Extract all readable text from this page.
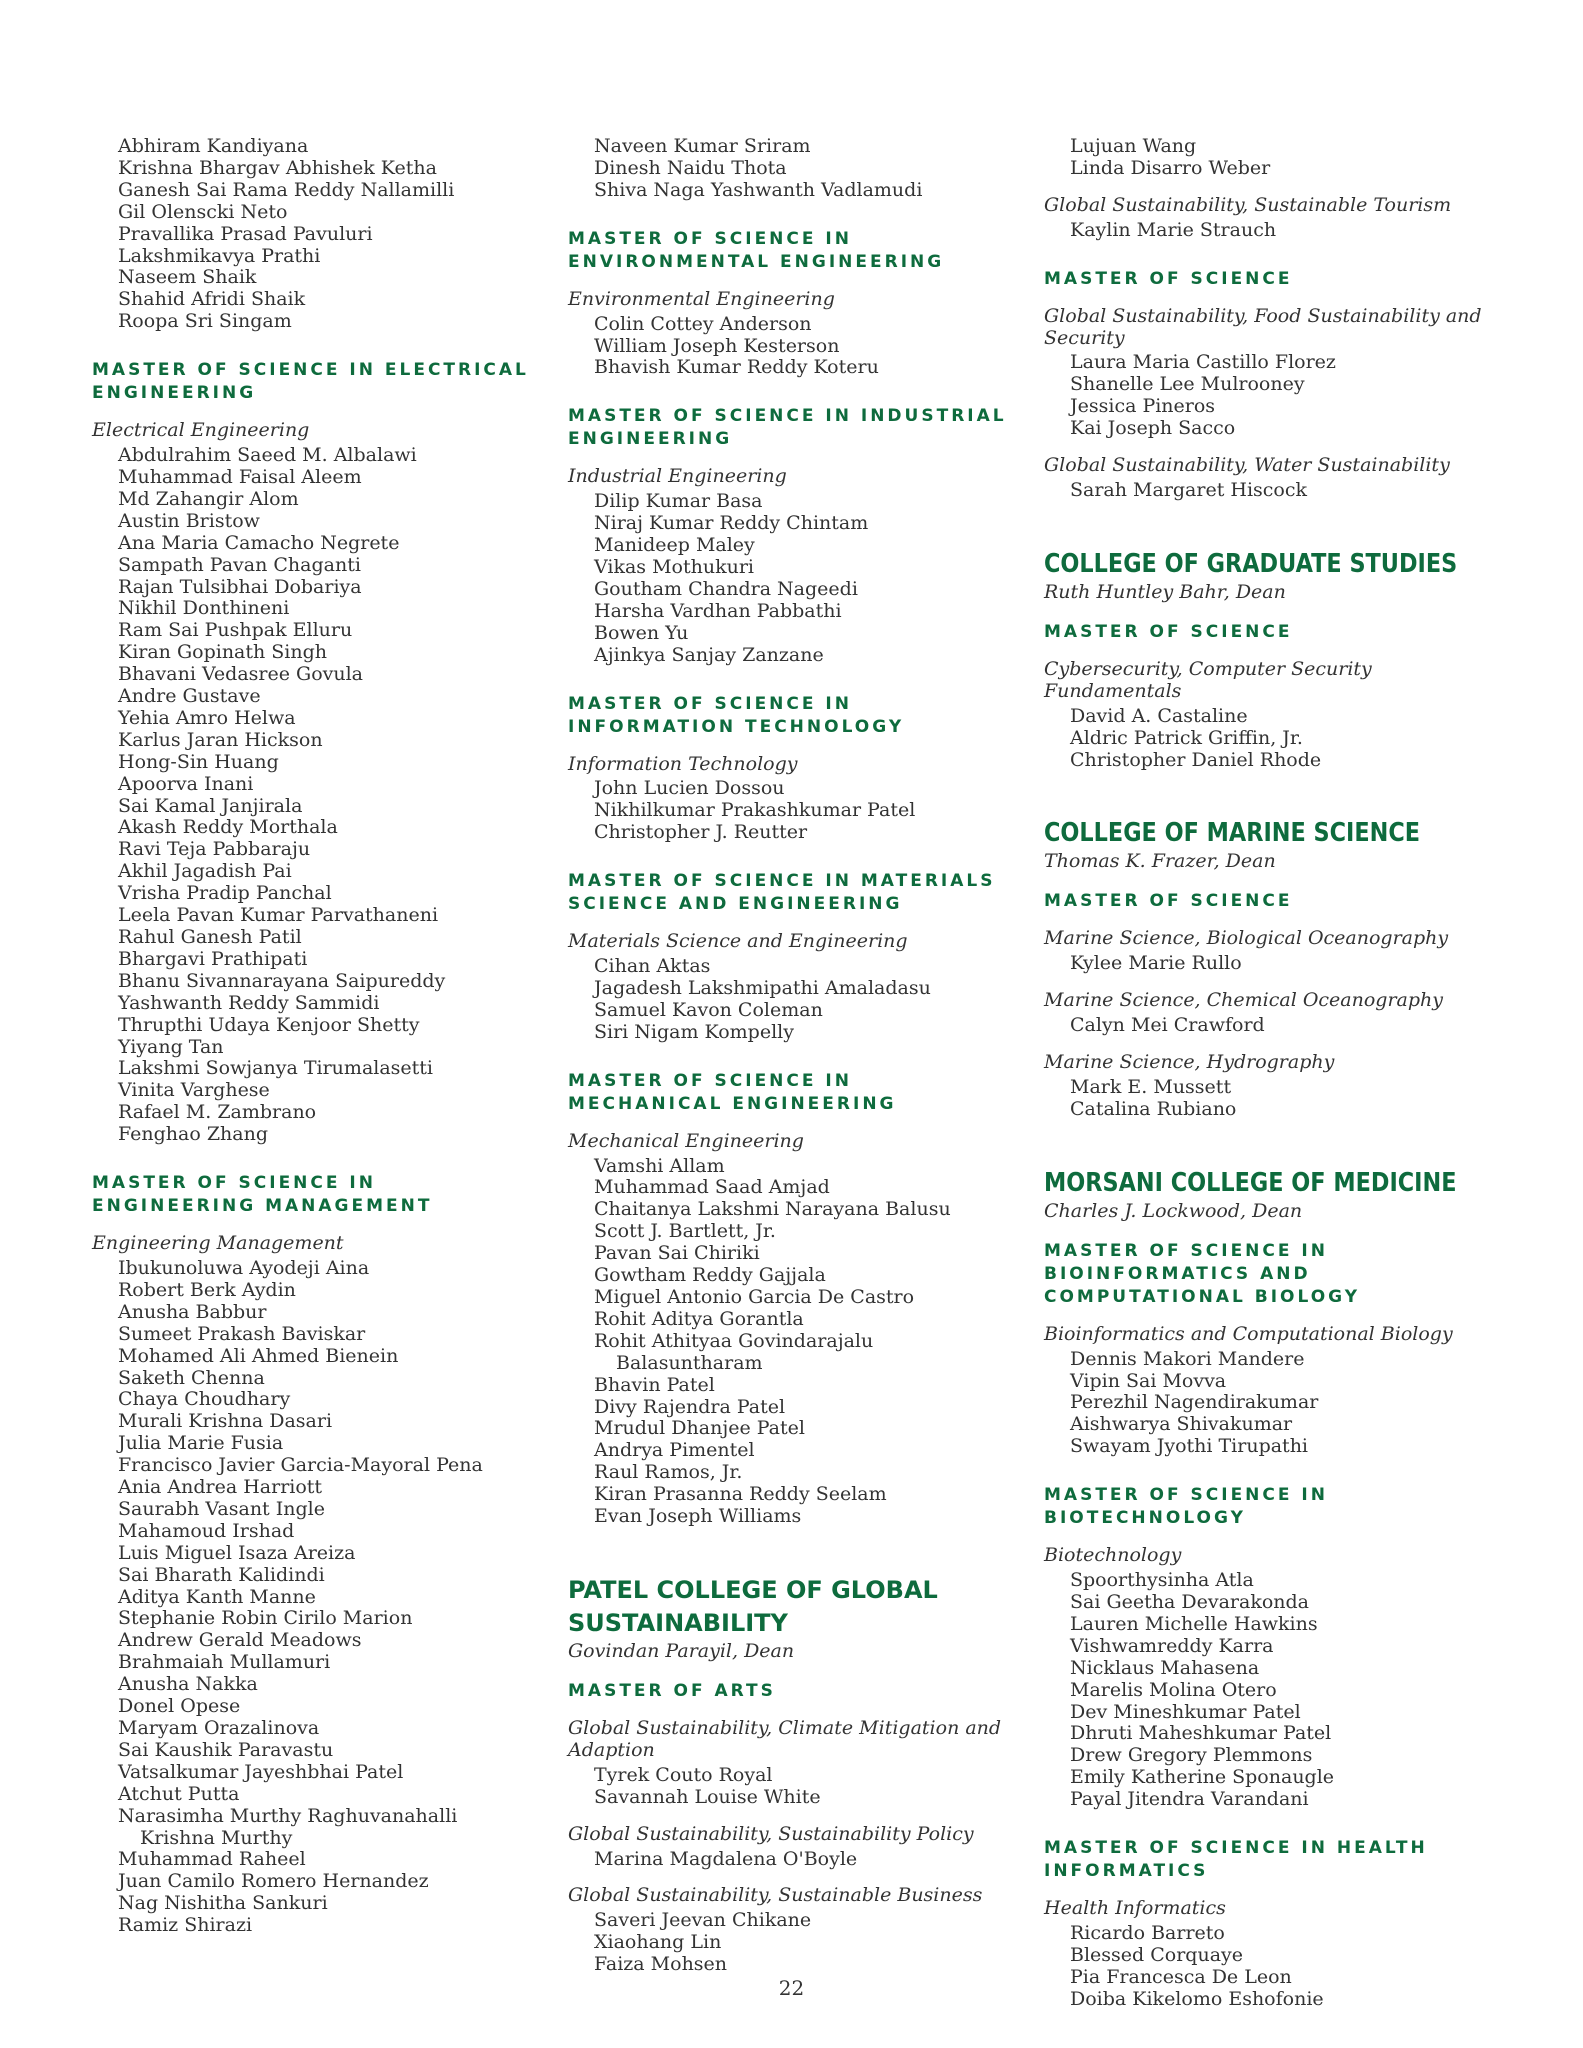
Abhiram Kandiyana
Krishna Bhargav Abhishek Ketha
Ganesh Sai Rama Reddy Nallamilli
Gil Olenscki Neto
Pravallika Prasad Pavuluri
Lakshmikavya Prathi
Naseem Shaik
Shahid Afridi Shaik
Roopa Sri Singam
MASTER OF SCIENCE IN ELECTRICAL ENGINEERING

Electrical Engineering

Abdulrahim Saeed M. Albalawi
Muhammad Faisal Aleem
Md Zahangir Alom
Austin Bristow
Ana Maria Camacho Negrete
Sampath Pavan Chaganti
Rajan Tulsibhai Dobariya
Nikhil Donthineni
Ram Sai Pushpak Elluru
Kiran Gopinath Singh
Bhavani Vedasree Govula
Andre Gustave
Yehia Amro Helwa
Karlus Jaran Hickson
Hong-Sin Huang
Apoorva Inani
Sai Kamal Janjirala
Akash Reddy Morthala
Ravi Teja Pabbaraju
Akhil Jagadish Pai
Vrisha Pradip Panchal
Leela Pavan Kumar Parvathaneni
Rahul Ganesh Patil
Bhargavi Prathipati
Bhanu Sivannarayana Saipureddy
Yashwanth Reddy Sammidi
Thrupthi Udaya Kenjoor Shetty
Yiyang Tan
Lakshmi Sowjanya Tirumalasetti
Vinita Varghese
Rafael M. Zambrano
Fenghao Zhang
MASTER OF SCIENCE IN ENGINEERING MANAGEMENT

Engineering Management

Ibukunoluwa Ayodeji Aina
Robert Berk Aydin
Anusha Babbur
Sumeet Prakash Baviskar
Mohamed Ali Ahmed Bienein
Saketh Chenna
Chaya Choudhary
Murali Krishna Dasari
Julia Marie Fusia
Francisco Javier Garcia-Mayoral Pena
Ania Andrea Harriott
Saurabh Vasant Ingle
Mahamoud Irshad
Luis Miguel Isaza Areiza
Sai Bharath Kalidindi
Aditya Kanth Manne
Stephanie Robin Cirilo Marion
Andrew Gerald Meadows
Brahmaiah Mullamuri
Anusha Nakka
Donel Opese
Maryam Orazalinova
Sai Kaushik Paravastu
Vatsalkumar Jayeshbhai Patel
Atchut Putta
Narasimha Murthy Raghuvanahalli Krishna Murthy
Muhammad Raheel
Juan Camilo Romero Hernandez
Nag Nishitha Sankuri
Ramiz Shirazi
Naveen Kumar Sriram
Dinesh Naidu Thota
Shiva Naga Yashwanth Vadlamudi
MASTER OF SCIENCE IN ENVIRONMENTAL ENGINEERING

Environmental Engineering

Colin Cottey Anderson
William Joseph Kesterson
Bhavish Kumar Reddy Koteru
MASTER OF SCIENCE IN INDUSTRIAL ENGINEERING

Industrial Engineering

Dilip Kumar Basa
Niraj Kumar Reddy Chintam
Manideep Maley
Vikas Mothukuri
Goutham Chandra Nageedi
Harsha Vardhan Pabbathi
Bowen Yu
Ajinkya Sanjay Zanzane
MASTER OF SCIENCE IN INFORMATION TECHNOLOGY

Information Technology

John Lucien Dossou
Nikhilkumar Prakashkumar Patel
Christopher J. Reutter
MASTER OF SCIENCE IN MATERIALS SCIENCE AND ENGINEERING

Materials Science and Engineering

Cihan Aktas
Jagadesh Lakshmipathi Amaladasu
Samuel Kavon Coleman
Siri Nigam Kompelly
MASTER OF SCIENCE IN MECHANICAL ENGINEERING

Mechanical Engineering

Vamshi Allam
Muhammad Saad Amjad
Chaitanya Lakshmi Narayana Balusu
Scott J. Bartlett, Jr.
Pavan Sai Chiriki
Gowtham Reddy Gajjala
Miguel Antonio Garcia De Castro
Rohit Aditya Gorantla
Rohit Athityaa Govindarajalu Balasuntharam
Bhavin Patel
Divy Rajendra Patel
Mrudul Dhanjee Patel
Andrya Pimentel
Raul Ramos, Jr.
Kiran Prasanna Reddy Seelam
Evan Joseph Williams
PATEL COLLEGE OF GLOBAL SUSTAINABILITY

Govindan Parayil, Dean

MASTER OF ARTS

Global Sustainability, Climate Mitigation and Adaption

Tyrek Couto Royal
Savannah Louise White

Global Sustainability, Sustainability Policy

Marina Magdalena O'Boyle

Global Sustainability, Sustainable Business

Saveri Jeevan Chikane
Xiaohang Lin
Faiza Mohsen
Lujuan Wang
Linda Disarro Weber

Global Sustainability, Sustainable Tourism

Kaylin Marie Strauch
MASTER OF SCIENCE

Global Sustainability, Food Sustainability and Security

Laura Maria Castillo Florez
Shanelle Lee Mulrooney
Jessica Pineros
Kai Joseph Sacco

Global Sustainability, Water Sustainability

Sarah Margaret Hiscock
COLLEGE OF GRADUATE STUDIES

Ruth Huntley Bahr, Dean

MASTER OF SCIENCE

Cybersecurity, Computer Security Fundamentals

David A. Castaline
Aldric Patrick Griffin, Jr.
Christopher Daniel Rhode
COLLEGE OF MARINE SCIENCE

Thomas K. Frazer, Dean

MASTER OF SCIENCE

Marine Science, Biological Oceanography

Kylee Marie Rullo

Marine Science, Chemical Oceanography

Calyn Mei Crawford

Marine Science, Hydrography

Mark E. Mussett
Catalina Rubiano
MORSANI COLLEGE OF MEDICINE

Charles J. Lockwood, Dean

MASTER OF SCIENCE IN BIOINFORMATICS AND COMPUTATIONAL BIOLOGY

Bioinformatics and Computational Biology

Dennis Makori Mandere
Vipin Sai Movva
Perezhil Nagendirakumar
Aishwarya Shivakumar
Swayam Jyothi Tirupathi
MASTER OF SCIENCE IN BIOTECHNOLOGY

Biotechnology

Spoorthysinha Atla
Sai Geetha Devarakonda
Lauren Michelle Hawkins
Vishwamreddy Karra
Nicklaus Mahasena
Marelis Molina Otero
Dev Mineshkumar Patel
Dhruti Maheshkumar Patel
Drew Gregory Plemmons
Emily Katherine Sponaugle
Payal Jitendra Varandani
MASTER OF SCIENCE IN HEALTH INFORMATICS

Health Informatics

Ricardo Barreto
Blessed Corquaye
Pia Francesca De Leon
Doiba Kikelomo Eshofonie
22
